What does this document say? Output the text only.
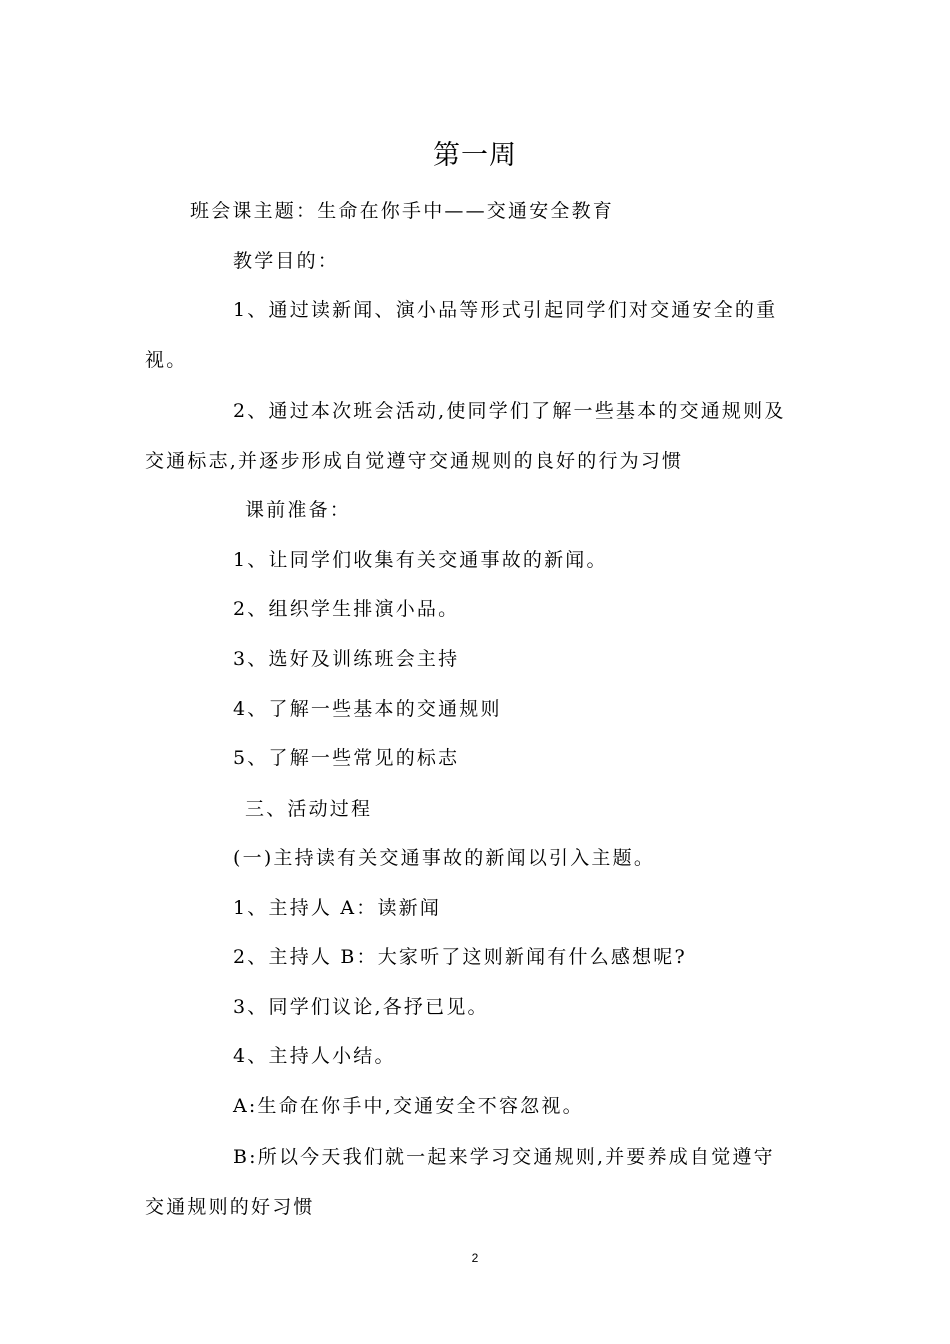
第一周
班会课主题：生命在你手中——交通安全教育
教学目的：
1、通过读新闻、演小品等形式引起同学们对交通安全的重
视。
2、通过本次班会活动,使同学们了解一些基本的交通规则及
交通标志,并逐步形成自觉遵守交通规则的良好的行为习惯
课前准备：
1、让同学们收集有关交通事故的新闻。
2、组织学生排演小品。
3、选好及训练班会主持
4、了解一些基本的交通规则
5、了解一些常见的标志
三、活动过程
(一)主持读有关交通事故的新闻以引入主题。
1、主持人 A：读新闻
2、主持人 B：大家听了这则新闻有什么感想呢?
3、同学们议论,各抒已见。
4、主持人小结。
A:生命在你手中,交通安全不容忽视。
B:所以今天我们就一起来学习交通规则,并要养成自觉遵守
交通规则的好习惯
2
